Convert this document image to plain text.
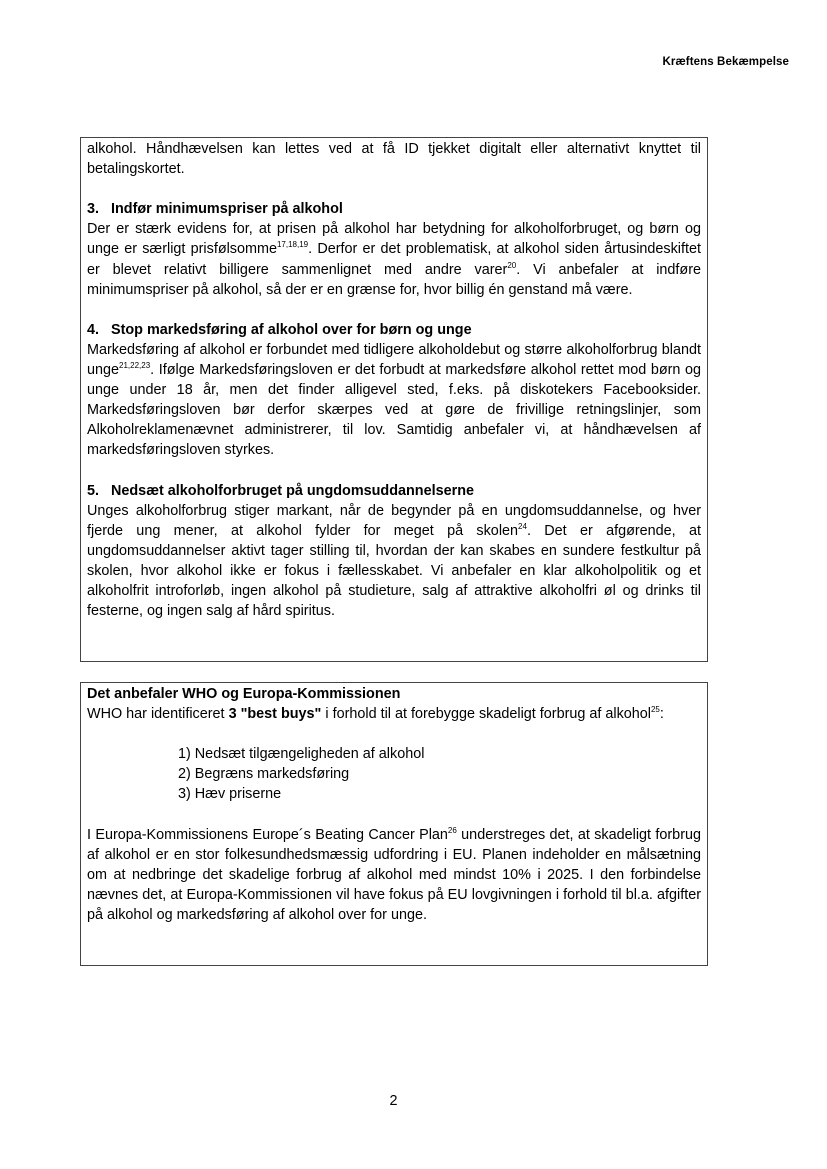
Kræftens Bekæmpelse

alkohol. Håndhævelsen kan lettes ved at få ID tjekket digitalt eller alternativt knyttet til betalingskortet.

3. Indfør minimumspriser på alkohol

Der er stærk evidens for, at prisen på alkohol har betydning for alkoholforbruget, og børn og unge er særligt prisfølsomme$^{17,18,19}$. Derfor er det problematisk, at alkohol siden årtusindeskiftet er blevet relativt billigere sammenlignet med andre varer$^{20}$. Vi anbefaler at indføre minimumspriser på alkohol, så der er en grænse for, hvor billig én genstand må være.

4. Stop markedsføring af alkohol over for børn og unge

Markedsføring af alkohol er forbundet med tidligere alkoholdebut og større alkoholforbrug blandt unge$^{21,22,23}$. Ifølge Markedsføringsloven er det forbudt at markedsføre alkohol rettet mod børn og unge under 18 år, men det finder alligevel sted, f.eks. på diskotekers Facebooksider. Markedsføringsloven bør derfor skærpes ved at gøre de frivillige retningslinjer, som Alkoholreklamenævnet administrerer, til lov. Samtidig anbefaler vi, at håndhævelsen af markedsføringsloven styrkes.

5. Nedsæt alkoholforbruget på ungdomsuddannelserne

Unges alkoholforbrug stiger markant, når de begynder på en ungdomsuddannelse, og hver fjerde ung mener, at alkohol fylder for meget på skolen$^{24}$. Det er afgørende, at ungdomsuddannelser aktivt tager stilling til, hvordan der kan skabes en sundere festkultur på skolen, hvor alkohol ikke er fokus i fællesskabet. Vi anbefaler en klar alkoholpolitik og et alkoholfrit introforløb, ingen alkohol på studieture, salg af attraktive alkoholfri øl og drinks til festerne, og ingen salg af hård spiritus.

Det anbefaler WHO og Europa-Kommissionen

WHO har identificeret 3 "best buys" i forhold til at forebygge skadeligt forbrug af alkohol$^{25}$:

1) Nedsæt tilgængeligheden af alkohol
2) Begræns markedsføring
3) Hæv priserne

I Europa-Kommissionens Europe´s Beating Cancer Plan$^{26}$ understreges det, at skadeligt forbrug af alkohol er en stor folkesundhedsmæssig udfordring i EU. Planen indeholder en målsætning om at nedbringe det skadelige forbrug af alkohol med mindst 10% i 2025. I den forbindelse nævnes det, at Europa-Kommissionen vil have fokus på EU lovgivningen i forhold til bl.a. afgifter på alkohol og markedsføring af alkohol over for unge.

2
